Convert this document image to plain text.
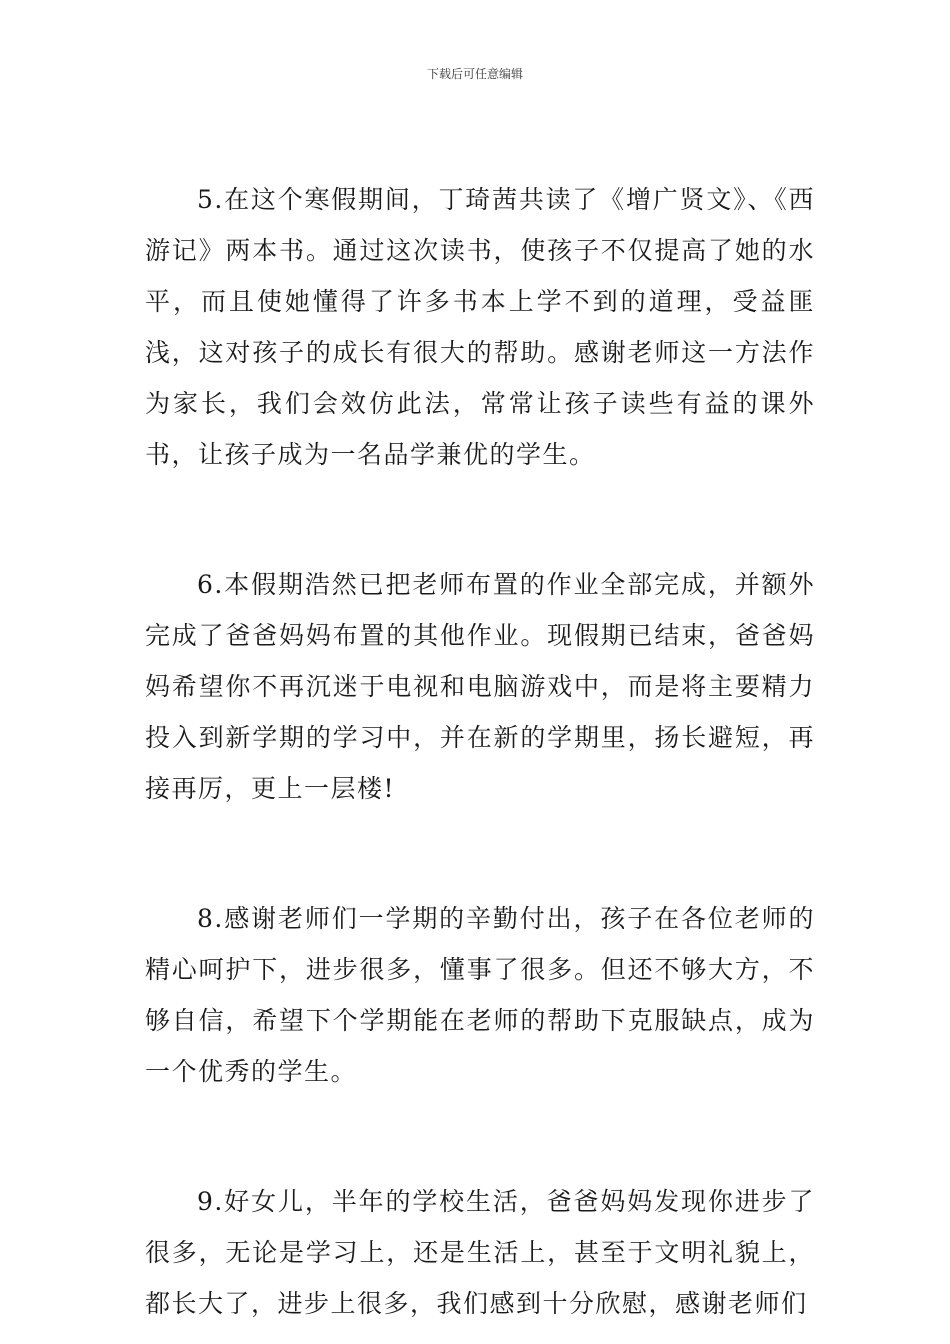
下载后可任意编辑

5.在这个寒假期间，丁琦茜共读了《增广贤文》、《西游记》两本书。通过这次读书，使孩子不仅提高了她的水平，而且使她懂得了许多书本上学不到的道理，受益匪浅，这对孩子的成长有很大的帮助。感谢老师这一方法作为家长，我们会效仿此法，常常让孩子读些有益的课外书，让孩子成为一名品学兼优的学生。

6.本假期浩然已把老师布置的作业全部完成，并额外完成了爸爸妈妈布置的其他作业。现假期已结束，爸爸妈妈希望你不再沉迷于电视和电脑游戏中，而是将主要精力投入到新学期的学习中，并在新的学期里，扬长避短，再接再厉，更上一层楼!

8.感谢老师们一学期的辛勤付出，孩子在各位老师的精心呵护下，进步很多，懂事了很多。但还不够大方，不够自信，希望下个学期能在老师的帮助下克服缺点，成为一个优秀的学生。

9.好女儿，半年的学校生活，爸爸妈妈发现你进步了很多，无论是学习上，还是生活上，甚至于文明礼貌上，都长大了，进步上很多，我们感到十分欣慰，感谢老师们
